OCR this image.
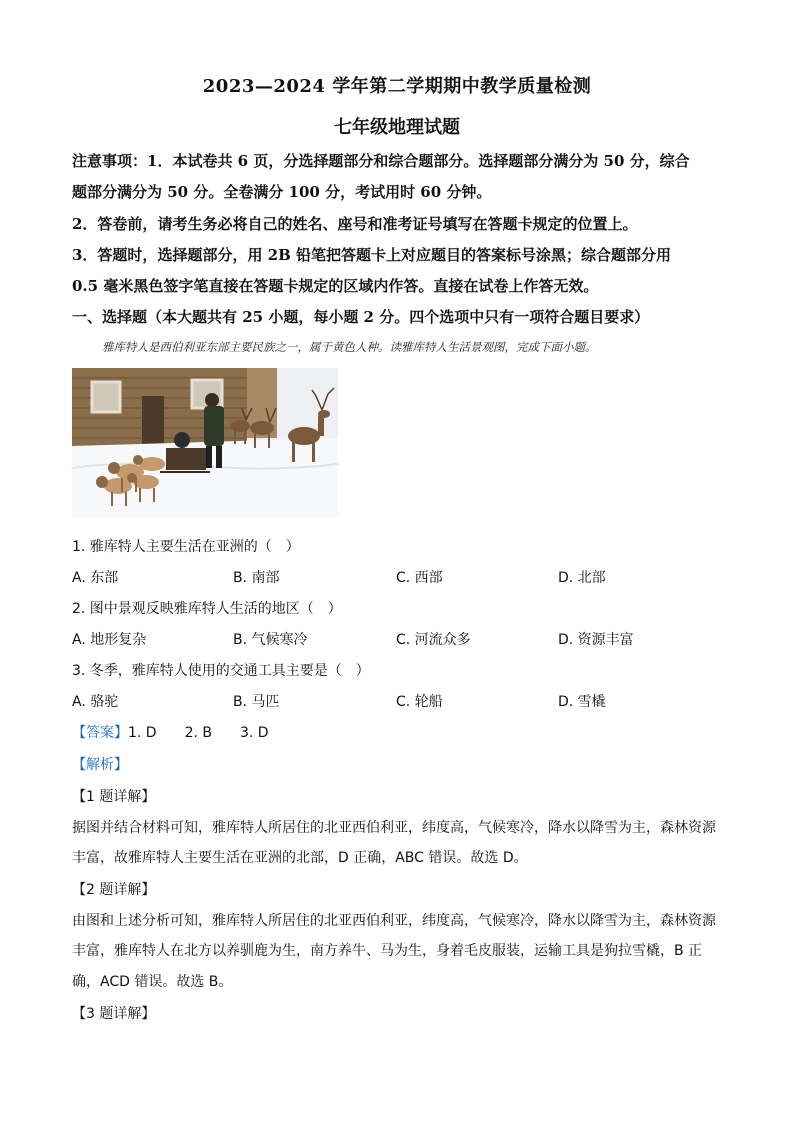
2023—2024 学年第二学期期中教学质量检测
七年级地理试题
注意事项：1．本试卷共 6 页，分选择题部分和综合题部分。选择题部分满分为 50 分，综合
题部分满分为 50 分。全卷满分 100 分，考试用时 60 分钟。
2．答卷前，请考生务必将自己的姓名、座号和准考证号填写在答题卡规定的位置上。
3．答题时，选择题部分，用 2B 铅笔把答题卡上对应题目的答案标号涂黑；综合题部分用
0.5 毫米黑色签字笔直接在答题卡规定的区域内作答。直接在试卷上作答无效。
一、选择题（本大题共有 25 小题，每小题 2 分。四个选项中只有一项符合题目要求）
雅库特人是西伯利亚东部主要民族之一，属于黄色人种。读雅库特人生活景观图，完成下面小题。
1. 雅库特人主要生活在亚洲的（　）
A. 东部	B. 南部	C. 西部	D. 北部
2. 图中景观反映雅库特人生活的地区（　）
A. 地形复杂	B. 气候寒冷	C. 河流众多	D. 资源丰富
3. 冬季，雅库特人使用的交通工具主要是（　）
A. 骆驼	B. 马匹	C. 轮船	D. 雪橇
【答案】1. D　　2. B　　3. D
【解析】
【1 题详解】
据图并结合材料可知，雅库特人所居住的北亚西伯利亚，纬度高，气候寒冷，降水以降雪为主，森林资源
丰富，故雅库特人主要生活在亚洲的北部，D 正确，ABC 错误。故选 D。
【2 题详解】
由图和上述分析可知，雅库特人所居住的北亚西伯利亚，纬度高，气候寒冷，降水以降雪为主，森林资源
丰富，雅库特人在北方以养驯鹿为生，南方养牛、马为生，身着毛皮服装，运输工具是狗拉雪橇，B 正
确，ACD 错误。故选 B。
【3 题详解】
